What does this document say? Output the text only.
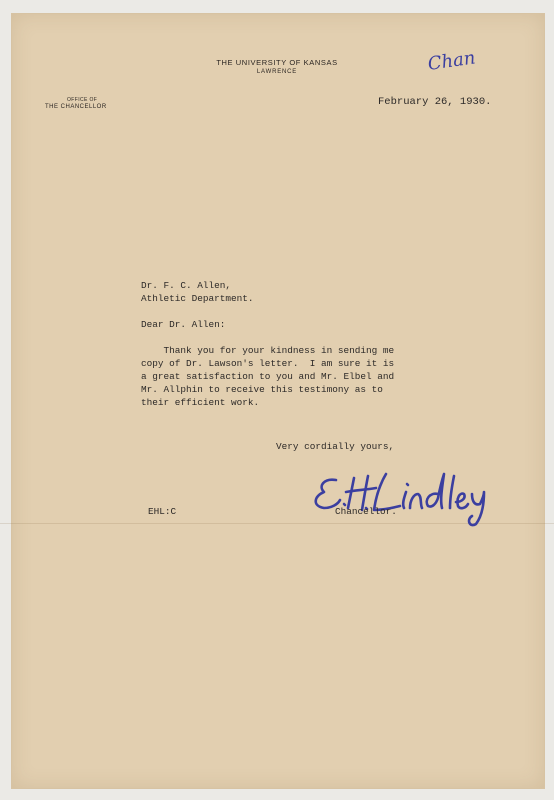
THE UNIVERSITY OF KANSAS
LAWRENCE
OFFICE OF
THE CHANCELLOR
Chan
February 26, 1930.
Dr. F. C. Allen,
Athletic Department.
Dear Dr. Allen:
Thank you for your kindness in sending me
copy of Dr. Lawson's letter.  I am sure it is
a great satisfaction to you and Mr. Elbel and
Mr. Allphin to receive this testimony as to
their efficient work.
Very cordially yours,
EHL:C	Chancellor.
